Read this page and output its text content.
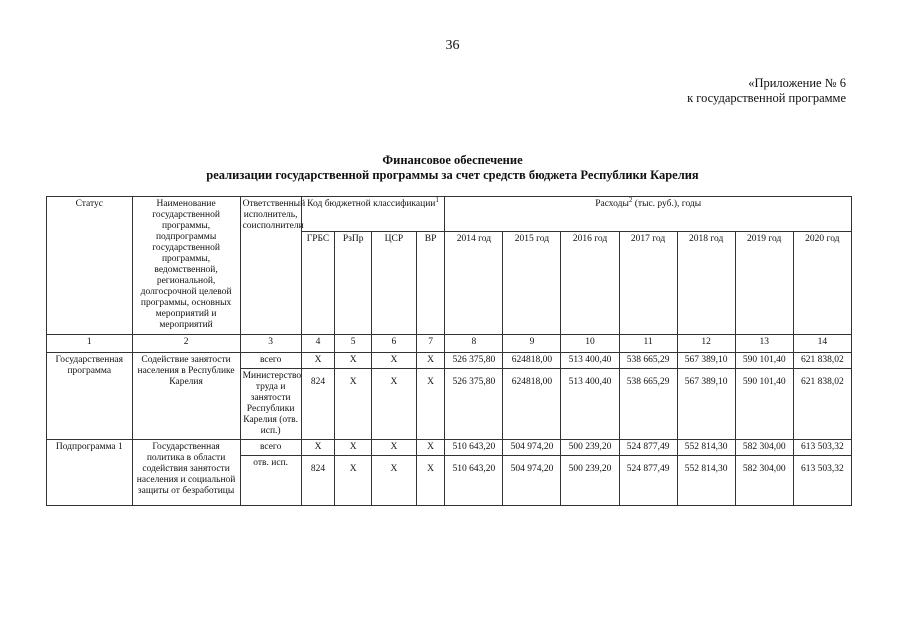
36
«Приложение № 6
к государственной программе
Финансовое обеспечение
реализации государственной программы за счет средств бюджета Республики Карелия
Статус	Наименование государственной программы, подпрограммы государственной программы, ведомственной, региональной, долгосрочной целевой программы, основных мероприятий и мероприятий	Ответственный исполнитель, соисполнители	Код бюджетной классификации$^1$				Расходы$^2$ (тыс. руб.), годы						
			ГРБС	РзПр	ЦСР	ВР	2014 год	2015 год	2016 год	2017 год	2018 год	2019 год	2020 год
1	2	3	4	5	6	7	8	9	10	11	12	13	14
Государственная программа	Содействие занятости населения в Республике Карелия	всего	X	X	X	X	526 375,80	624818,00	513 400,40	538 665,29	567 389,10	590 101,40	621 838,02
		Министерство труда и занятости Республики Карелия (отв. исп.)	824	X	X	X	526 375,80	624818,00	513 400,40	538 665,29	567 389,10	590 101,40	621 838,02
Подпрограмма 1	Государственная политика в области содействия занятости населения и социальной защиты от безработицы	всего	X	X	X	X	510 643,20	504 974,20	500 239,20	524 877,49	552 814,30	582 304,00	613 503,32
		отв. исп.	824	X	X	X	510 643,20	504 974,20	500 239,20	524 877,49	552 814,30	582 304,00	613 503,32
